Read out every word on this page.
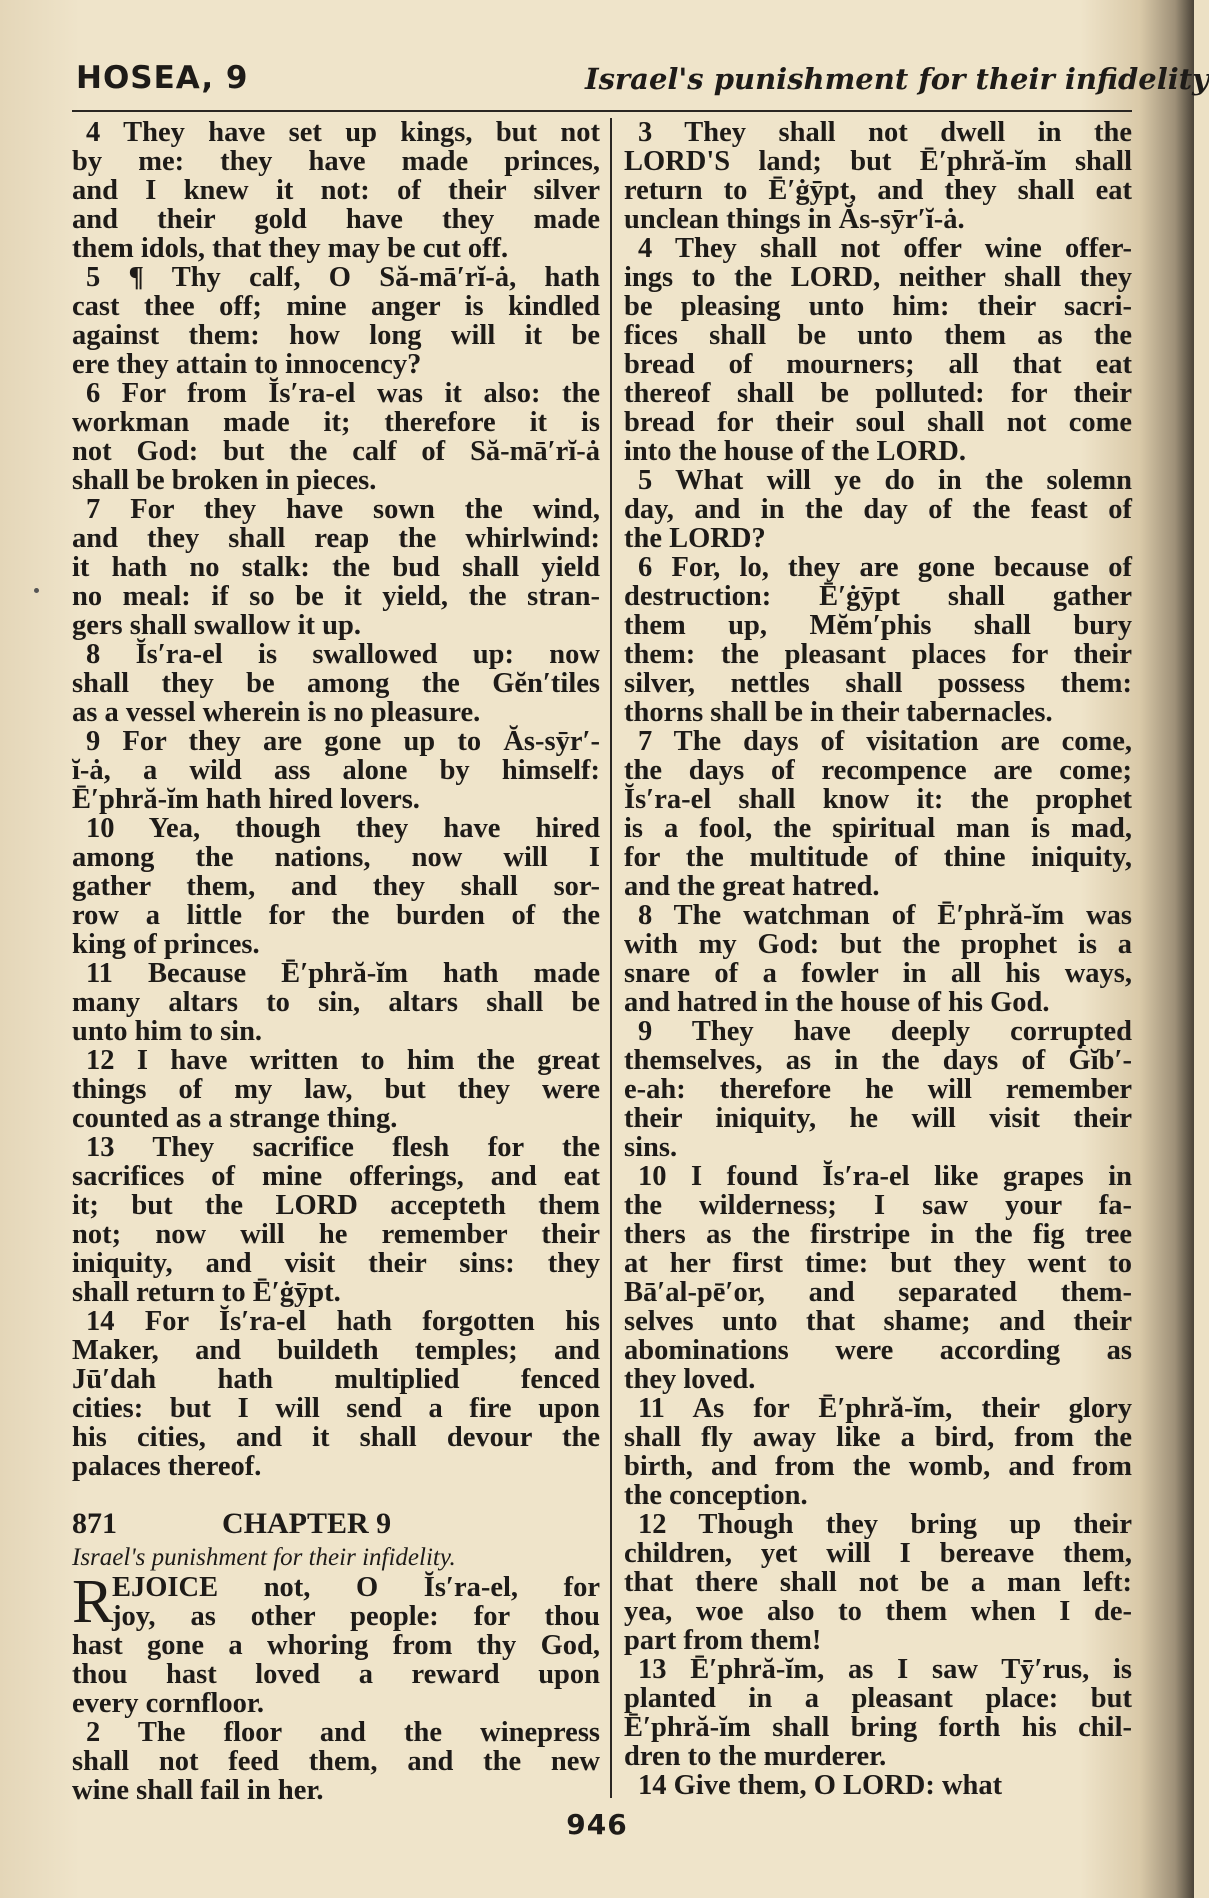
HOSEA, 9	Israel's punishment for their infidelity
4 They have set up kings, but not
by me: they have made princes,
and I knew it not: of their silver
and their gold have they made
them idols, that they may be cut off.
5 ¶ Thy calf, O Să-mā′rĭ-ȧ, hath
cast thee off; mine anger is kindled
against them: how long will it be
ere they attain to innocency?
6 For from Ĭs′ra-el was it also: the
workman made it; therefore it is
not God: but the calf of Să-mā′rĭ-ȧ
shall be broken in pieces.
7 For they have sown the wind,
and they shall reap the whirlwind:
it hath no stalk: the bud shall yield
no meal: if so be it yield, the stran-
gers shall swallow it up.
8 Ĭs′ra-el is swallowed up: now
shall they be among the Gĕn′tiles
as a vessel wherein is no pleasure.
9 For they are gone up to Ăs-sȳr′-
ĭ-ȧ, a wild ass alone by himself:
Ē′phră-ĭm hath hired lovers.
10 Yea, though they have hired
among the nations, now will I
gather them, and they shall sor-
row a little for the burden of the
king of princes.
11 Because Ē′phră-ĭm hath made
many altars to sin, altars shall be
unto him to sin.
12 I have written to him the great
things of my law, but they were
counted as a strange thing.
13 They sacrifice flesh for the
sacrifices of mine offerings, and eat
it; but the LORD accepteth them
not; now will he remember their
iniquity, and visit their sins: they
shall return to Ē′ġȳpt.
14 For Ĭs′ra-el hath forgotten his
Maker, and buildeth temples; and
Jū′dah hath multiplied fenced
cities: but I will send a fire upon
his cities, and it shall devour the
palaces thereof.
871	CHAPTER 9
Israel's punishment for their infidelity.
R
EJOICE not, O Ĭs′ra-el, for
joy, as other people: for thou
hast gone a whoring from thy God,
thou hast loved a reward upon
every cornfloor.
2 The floor and the winepress
shall not feed them, and the new
wine shall fail in her.
3 They shall not dwell in the
LORD'S land; but Ē′phră-ĭm shall
return to Ē′ġȳpt, and they shall eat
unclean things in Ăs-sȳr′ĭ-ȧ.
4 They shall not offer wine offer-
ings to the LORD, neither shall they
be pleasing unto him: their sacri-
fices shall be unto them as the
bread of mourners; all that eat
thereof shall be polluted: for their
bread for their soul shall not come
into the house of the LORD.
5 What will ye do in the solemn
day, and in the day of the feast of
the LORD?
6 For, lo, they are gone because of
destruction: Ē′ġȳpt shall gather
them up, Mĕm′phis shall bury
them: the pleasant places for their
silver, nettles shall possess them:
thorns shall be in their tabernacles.
7 The days of visitation are come,
the days of recompence are come;
Ĭs′ra-el shall know it: the prophet
is a fool, the spiritual man is mad,
for the multitude of thine iniquity,
and the great hatred.
8 The watchman of Ē′phră-ĭm was
with my God: but the prophet is a
snare of a fowler in all his ways,
and hatred in the house of his God.
9 They have deeply corrupted
themselves, as in the days of Ġĭb′-
e-ah: therefore he will remember
their iniquity, he will visit their
sins.
10 I found Ĭs′ra-el like grapes in
the wilderness; I saw your fa-
thers as the firstripe in the fig tree
at her first time: but they went to
Bā′al-pē′or, and separated them-
selves unto that shame; and their
abominations were according as
they loved.
11 As for Ē′phră-ĭm, their glory
shall fly away like a bird, from the
birth, and from the womb, and from
the conception.
12 Though they bring up their
children, yet will I bereave them,
that there shall not be a man left:
yea, woe also to them when I de-
part from them!
13 Ē′phră-ĭm, as I saw Tȳ′rus, is
planted in a pleasant place: but
Ē′phră-ĭm shall bring forth his chil-
dren to the murderer.
14 Give them, O LORD: what
946
